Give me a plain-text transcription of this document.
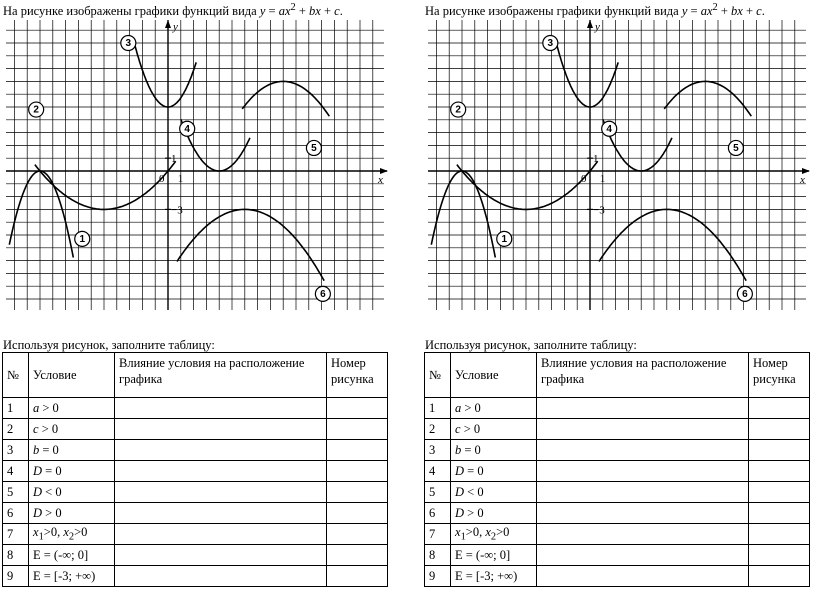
На рисунке изображены графики функций вида $y = ax^2$ + bx + c.
y
x
0 1
1
−3
1
2
3
4
5
6
Используя рисунок, заполните таблицу:
№	Условие	Влияние условия на расположение графика	Номер рисунка
1	a > 0		
2	c > 0		
3	b = 0		
4	D = 0		
5	D < 0		
6	D > 0		
7	$x_1>0$, $x_2>0$		
8	E = (-∞; 0]		
9	E = [-3; +∞)		
На рисунке изображены графики функций вида $y = ax^2$ + bx + c.
y
x
0 1
1
−3
1
2
3
4
5
6
Используя рисунок, заполните таблицу:
№	Условие	Влияние условия на расположение графика	Номер рисунка
1	a > 0		
2	c > 0		
3	b = 0		
4	D = 0		
5	D < 0		
6	D > 0		
7	$x_1>0$, $x_2>0$		
8	E = (-∞; 0]		
9	E = [-3; +∞)		
